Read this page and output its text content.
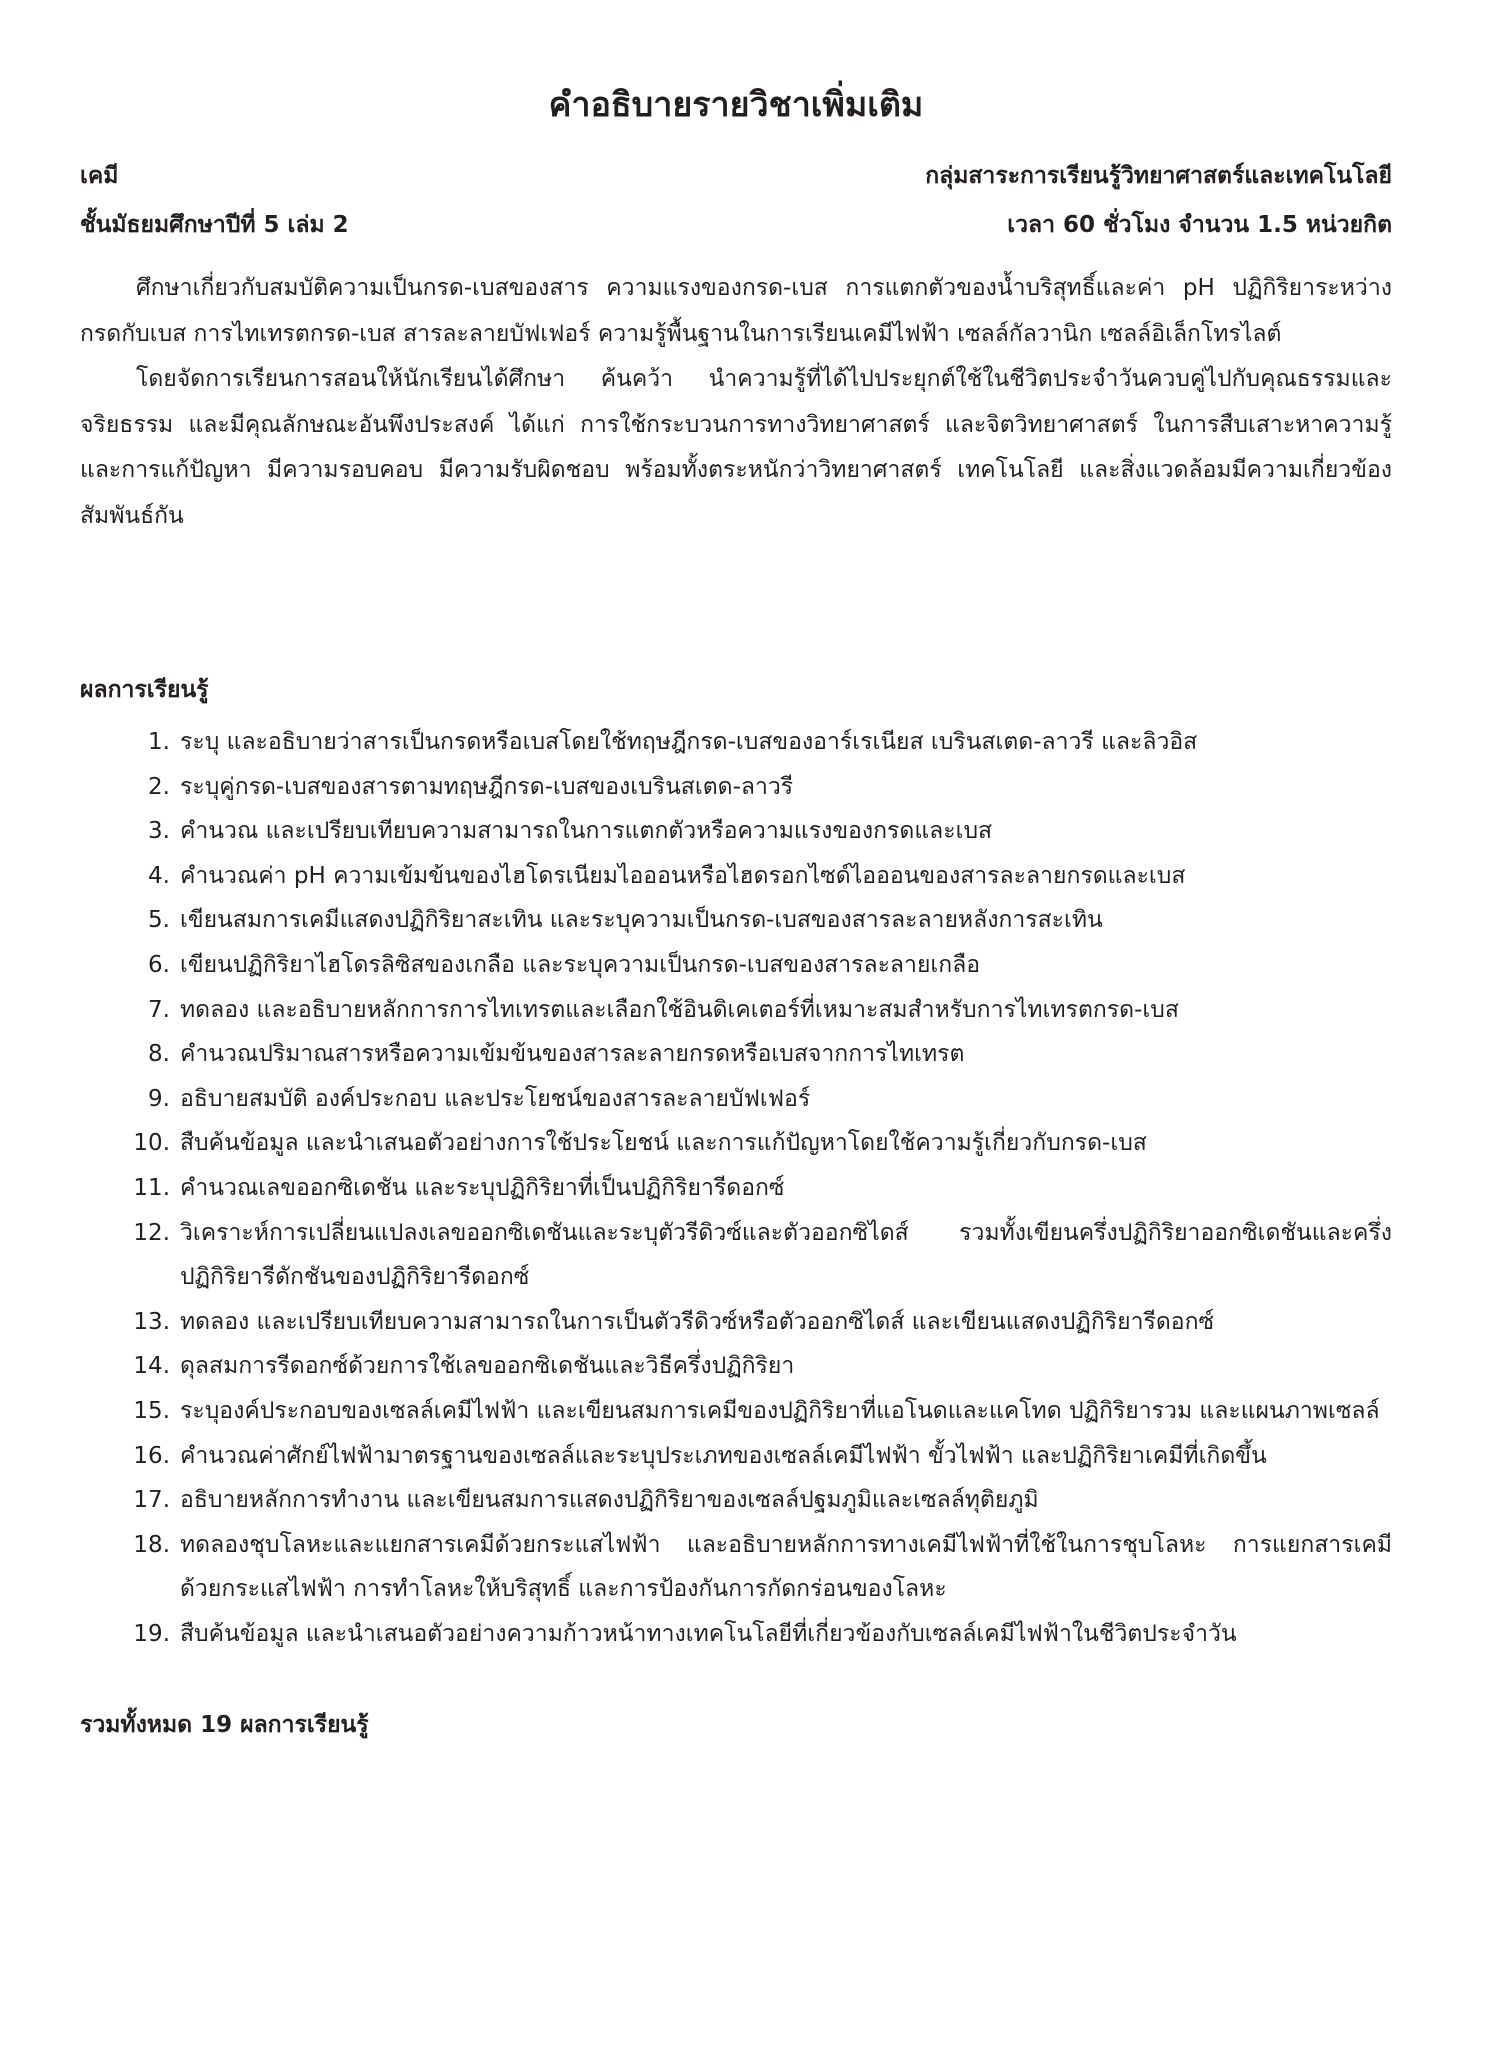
คำอธิบายรายวิชาเพิ่มเติม
เคมี	กลุ่มสาระการเรียนรู้วิทยาศาสตร์และเทคโนโลยี
ชั้นมัธยมศึกษาปีที่ 5 เล่ม 2	เวลา 60 ชั่วโมง จำนวน 1.5 หน่วยกิต

ศึกษาเกี่ยวกับสมบัติความเป็นกรด-เบสของสาร ความแรงของกรด-เบส การแตกตัวของน้ำบริสุทธิ์และค่า pH ปฏิกิริยาระหว่างกรดกับเบส การไทเทรตกรด-เบส สารละลายบัฟเฟอร์ ความรู้พื้นฐานในการเรียนเคมีไฟฟ้า เซลล์กัลวานิก เซลล์อิเล็กโทรไลต์

โดยจัดการเรียนการสอนให้นักเรียนได้ศึกษา ค้นคว้า นำความรู้ที่ได้ไปประยุกต์ใช้ในชีวิตประจำวันควบคู่ไปกับคุณธรรมและจริยธรรม และมีคุณลักษณะอันพึงประสงค์ ได้แก่ การใช้กระบวนการทางวิทยาศาสตร์ และจิตวิทยาศาสตร์ ในการสืบเสาะหาความรู้และการแก้ปัญหา มีความรอบคอบ มีความรับผิดชอบ พร้อมทั้งตระหนักว่าวิทยาศาสตร์ เทคโนโลยี และสิ่งแวดล้อมมีความเกี่ยวข้องสัมพันธ์กัน

ผลการเรียนรู้
1. ระบุ และอธิบายว่าสารเป็นกรดหรือเบสโดยใช้ทฤษฎีกรด-เบสของอาร์เรเนียส เบรินสเตด-ลาวรี และลิวอิส
2. ระบุคู่กรด-เบสของสารตามทฤษฎีกรด-เบสของเบรินสเตด-ลาวรี
3. คำนวณ และเปรียบเทียบความสามารถในการแตกตัวหรือความแรงของกรดและเบส
4. คำนวณค่า pH ความเข้มข้นของไฮโดรเนียมไอออนหรือไฮดรอกไซด์ไอออนของสารละลายกรดและเบส
5. เขียนสมการเคมีแสดงปฏิกิริยาสะเทิน และระบุความเป็นกรด-เบสของสารละลายหลังการสะเทิน
6. เขียนปฏิกิริยาไฮโดรลิซิสของเกลือ และระบุความเป็นกรด-เบสของสารละลายเกลือ
7. ทดลอง และอธิบายหลักการการไทเทรตและเลือกใช้อินดิเคเตอร์ที่เหมาะสมสำหรับการไทเทรตกรด-เบส
8. คำนวณปริมาณสารหรือความเข้มข้นของสารละลายกรดหรือเบสจากการไทเทรต
9. อธิบายสมบัติ องค์ประกอบ และประโยชน์ของสารละลายบัฟเฟอร์
10. สืบค้นข้อมูล และนำเสนอตัวอย่างการใช้ประโยชน์ และการแก้ปัญหาโดยใช้ความรู้เกี่ยวกับกรด-เบส
11. คำนวณเลขออกซิเดชัน และระบุปฏิกิริยาที่เป็นปฏิกิริยารีดอกซ์
12. วิเคราะห์การเปลี่ยนแปลงเลขออกซิเดชันและระบุตัวรีดิวซ์และตัวออกซิไดส์ รวมทั้งเขียนครึ่งปฏิกิริยาออกซิเดชันและครึ่งปฏิกิริยารีดักชันของปฏิกิริยารีดอกซ์
13. ทดลอง และเปรียบเทียบความสามารถในการเป็นตัวรีดิวซ์หรือตัวออกซิไดส์ และเขียนแสดงปฏิกิริยารีดอกซ์
14. ดุลสมการรีดอกซ์ด้วยการใช้เลขออกซิเดชันและวิธีครึ่งปฏิกิริยา
15. ระบุองค์ประกอบของเซลล์เคมีไฟฟ้า และเขียนสมการเคมีของปฏิกิริยาที่แอโนดและแคโทด ปฏิกิริยารวม และแผนภาพเซลล์
16. คำนวณค่าศักย์ไฟฟ้ามาตรฐานของเซลล์และระบุประเภทของเซลล์เคมีไฟฟ้า ขั้วไฟฟ้า และปฏิกิริยาเคมีที่เกิดขึ้น
17. อธิบายหลักการทำงาน และเขียนสมการแสดงปฏิกิริยาของเซลล์ปฐมภูมิและเซลล์ทุติยภูมิ
18. ทดลองชุบโลหะและแยกสารเคมีด้วยกระแสไฟฟ้า และอธิบายหลักการทางเคมีไฟฟ้าที่ใช้ในการชุบโลหะ การแยกสารเคมีด้วยกระแสไฟฟ้า การทำโลหะให้บริสุทธิ์ และการป้องกันการกัดกร่อนของโลหะ
19. สืบค้นข้อมูล และนำเสนอตัวอย่างความก้าวหน้าทางเทคโนโลยีที่เกี่ยวข้องกับเซลล์เคมีไฟฟ้าในชีวิตประจำวัน

รวมทั้งหมด 19 ผลการเรียนรู้
